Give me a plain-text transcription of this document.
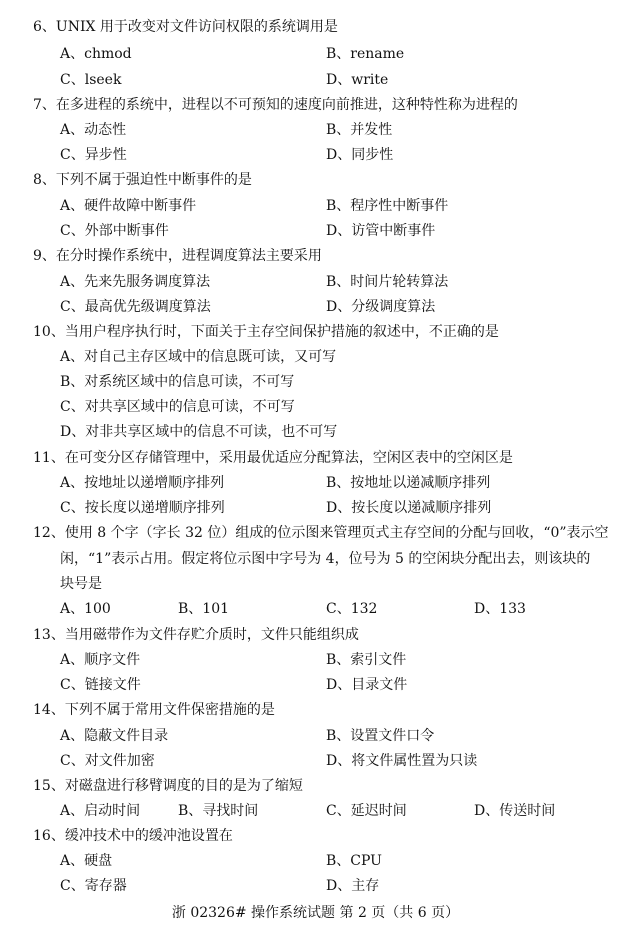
6、UNIX 用于改变对文件访问权限的系统调用是
A、chmod	B、rename
C、lseek	D、write
7、在多进程的系统中，进程以不可预知的速度向前推进，这种特性称为进程的
A、动态性	B、并发性
C、异步性	D、同步性
8、下列不属于强迫性中断事件的是
A、硬件故障中断事件	B、程序性中断事件
C、外部中断事件	D、访管中断事件
9、在分时操作系统中，进程调度算法主要采用
A、先来先服务调度算法	B、时间片轮转算法
C、最高优先级调度算法	D、分级调度算法
10、当用户程序执行时，下面关于主存空间保护措施的叙述中，不正确的是
A、对自己主存区域中的信息既可读，又可写
B、对系统区域中的信息可读，不可写
C、对共享区域中的信息可读，不可写
D、对非共享区域中的信息不可读，也不可写
11、在可变分区存储管理中，采用最优适应分配算法，空闲区表中的空闲区是
A、按地址以递增顺序排列	B、按地址以递减顺序排列
C、按长度以递增顺序排列	D、按长度以递减顺序排列
12、使用 8 个字（字长 32 位）组成的位示图来管理页式主存空间的分配与回收，“0”表示空
闲，“1”表示占用。假定将位示图中字号为 4，位号为 5 的空闲块分配出去，则该块的
块号是
A、100	B、101	C、132	D、133
13、当用磁带作为文件存贮介质时，文件只能组织成
A、顺序文件	B、索引文件
C、链接文件	D、目录文件
14、下列不属于常用文件保密措施的是
A、隐蔽文件目录	B、设置文件口令
C、对文件加密	D、将文件属性置为只读
15、对磁盘进行移臂调度的目的是为了缩短
A、启动时间	B、寻找时间	C、延迟时间	D、传送时间
16、缓冲技术中的缓冲池设置在
A、硬盘	B、CPU
C、寄存器	D、主存
浙 02326# 操作系统试题 第 2 页（共 6 页）
